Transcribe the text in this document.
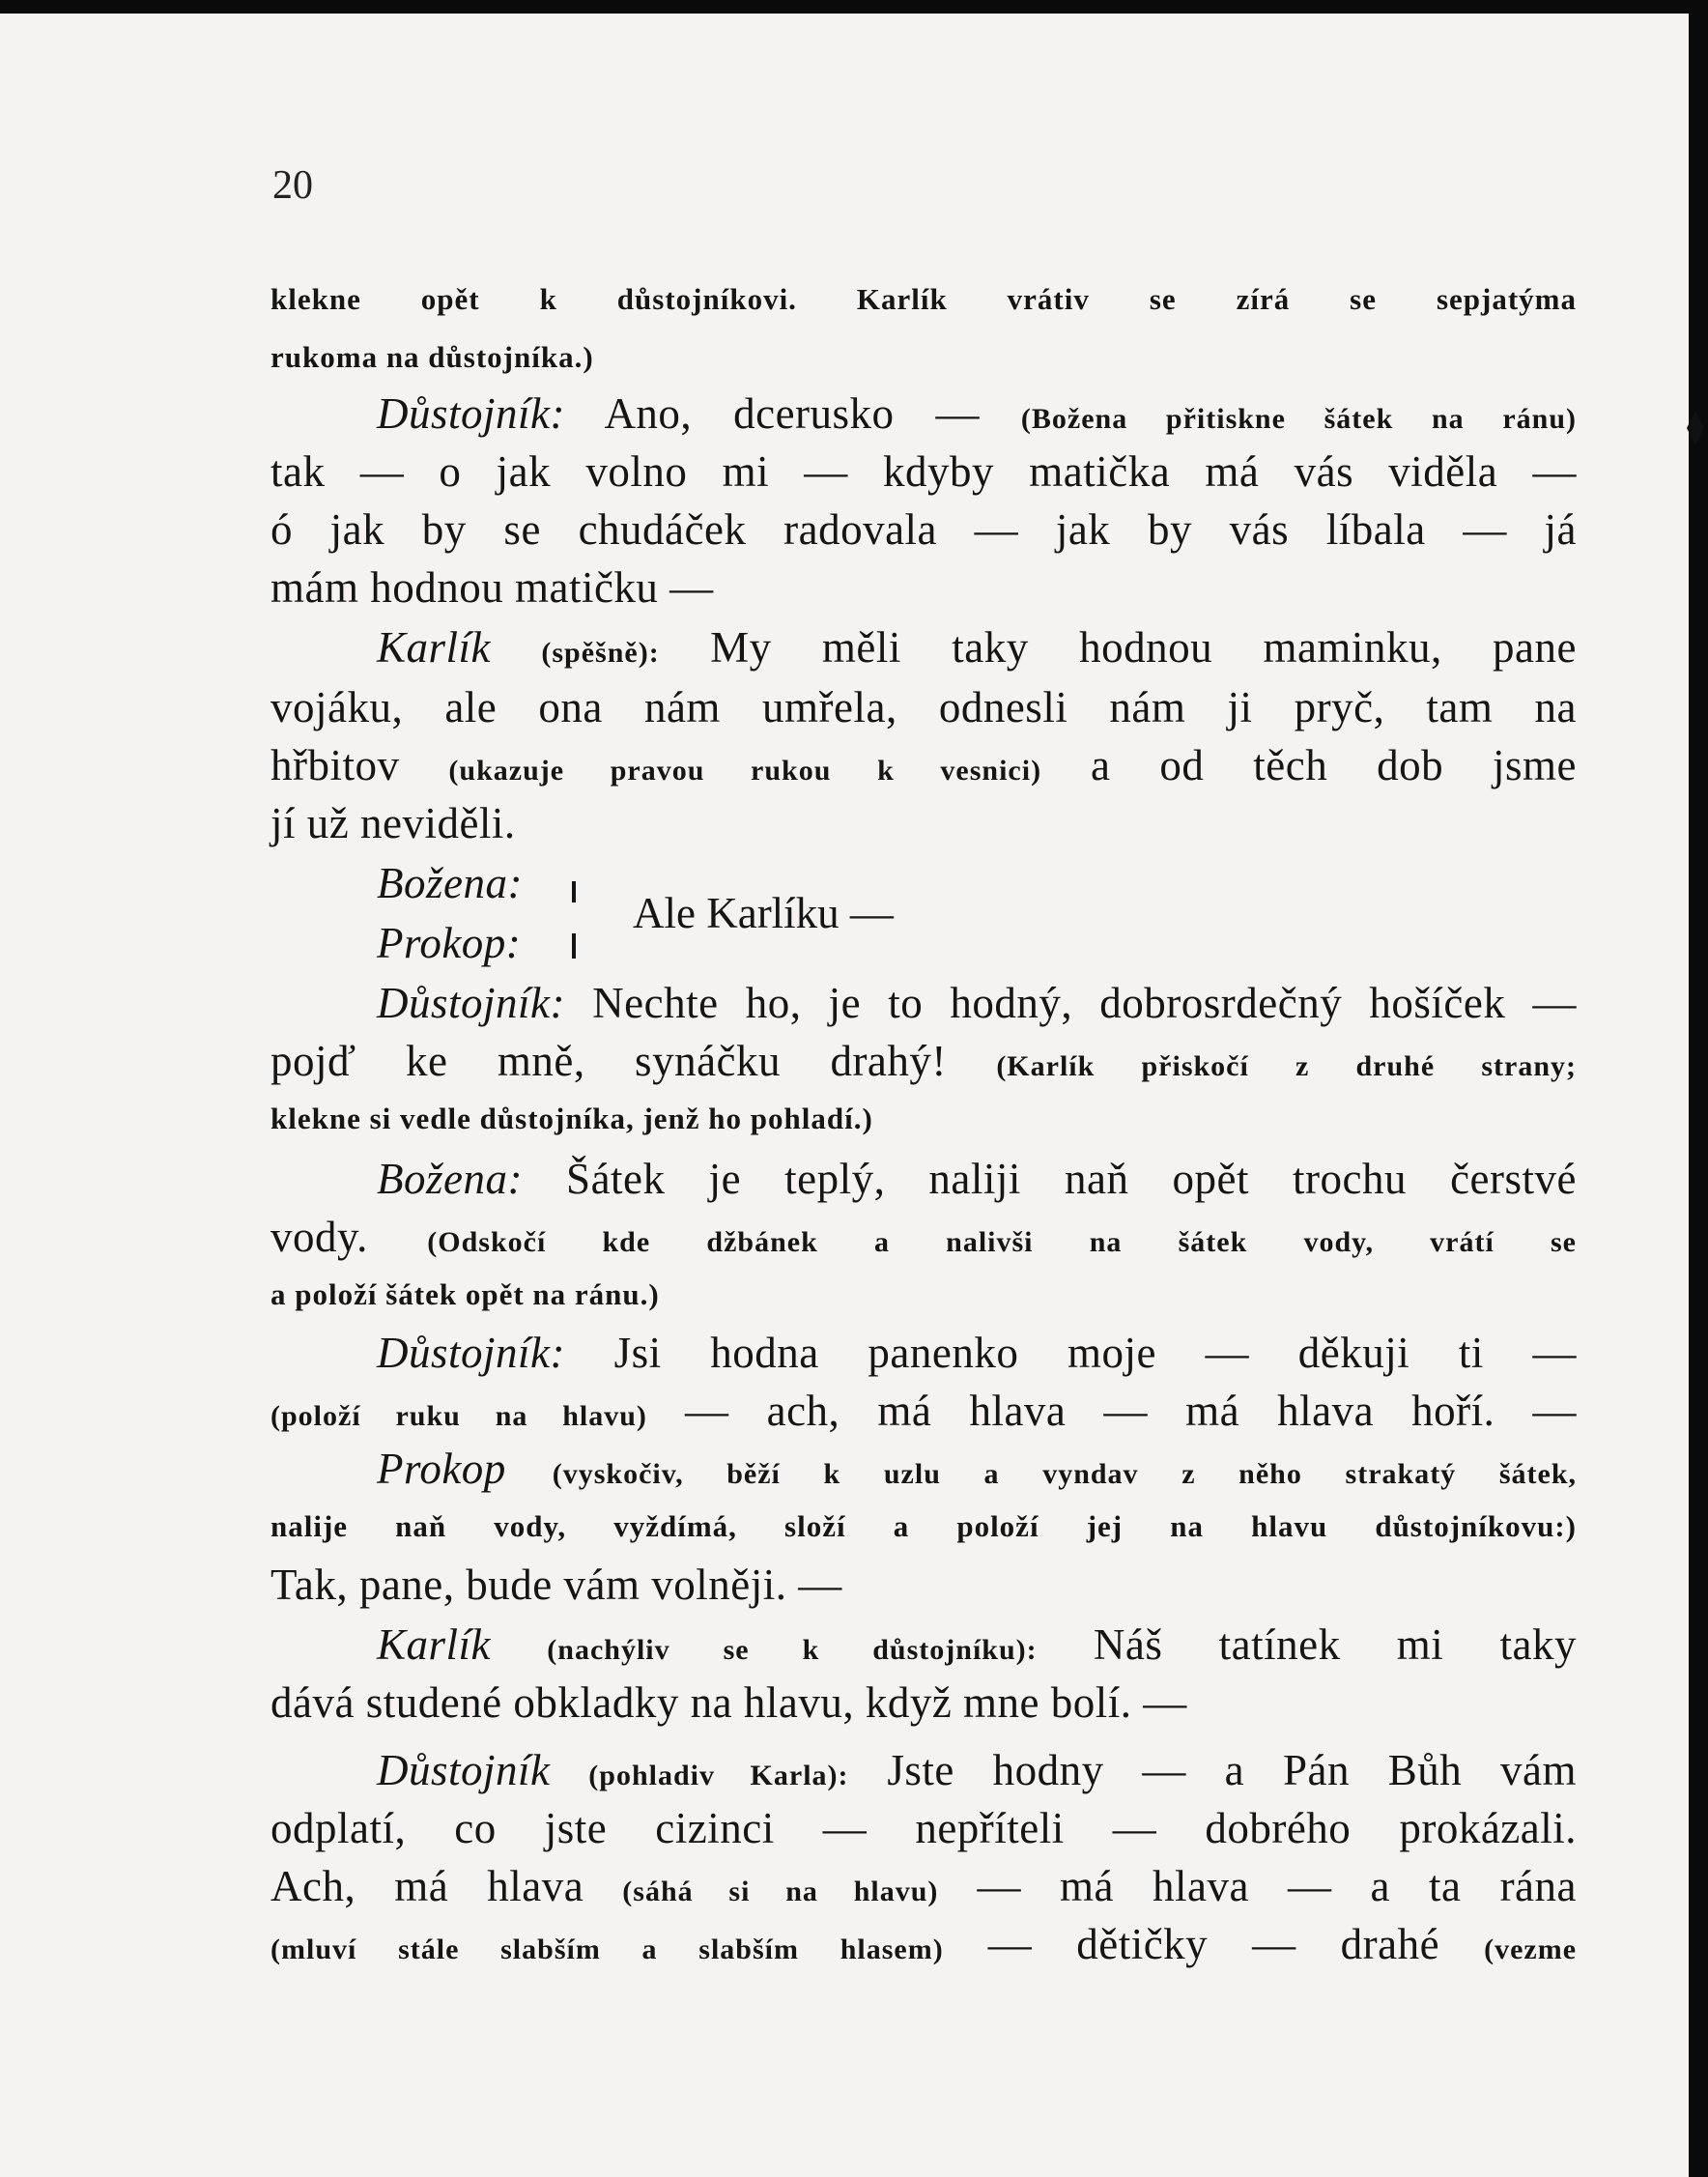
20
klekne opět k důstojníkovi. Karlík vrátiv se zírá se sepjatýma
rukoma na důstojníka.)
Důstojník: Ano, dcerusko — (Božena přitiskne šátek na ránu)
tak — o jak volno mi — kdyby matička má vás viděla —
ó jak by se chudáček radovala — jak by vás líbala — já
mám hodnou matičku —
Karlík (spěšně): My měli taky hodnou maminku, pane
vojáku, ale ona nám umřela, odnesli nám ji pryč, tam na
hřbitov (ukazuje pravou rukou k vesnici) a od těch dob jsme
jí už neviděli.
Božena:
Prokop:
Ale Karlíku —
Důstojník: Nechte ho, je to hodný, dobrosrdečný hošíček —
pojď ke mně, synáčku drahý! (Karlík přiskočí z druhé strany;
klekne si vedle důstojníka, jenž ho pohladí.)
Božena: Šátek je teplý, naliji naň opět trochu čerstvé
vody. (Odskočí kde džbánek a nalivši na šátek vody, vrátí se
a položí šátek opět na ránu.)
Důstojník: Jsi hodna panenko moje — děkuji ti —
(položí ruku na hlavu) — ach, má hlava — má hlava hoří. —
Prokop (vyskočiv, běží k uzlu a vyndav z něho strakatý šátek,
nalije naň vody, vyždímá, složí a položí jej na hlavu důstojníkovu:)
Tak, pane, bude vám volněji. —
Karlík (nachýliv se k důstojníku): Náš tatínek mi taky
dává studené obkladky na hlavu, když mne bolí. —
Důstojník (pohladiv Karla): Jste hodny — a Pán Bůh vám
odplatí, co jste cizinci — nepříteli — dobrého prokázali.
Ach, má hlava (sáhá si na hlavu) — má hlava — a ta rána
(mluví stále slabším a slabším hlasem) — dětičky — drahé (vezme
